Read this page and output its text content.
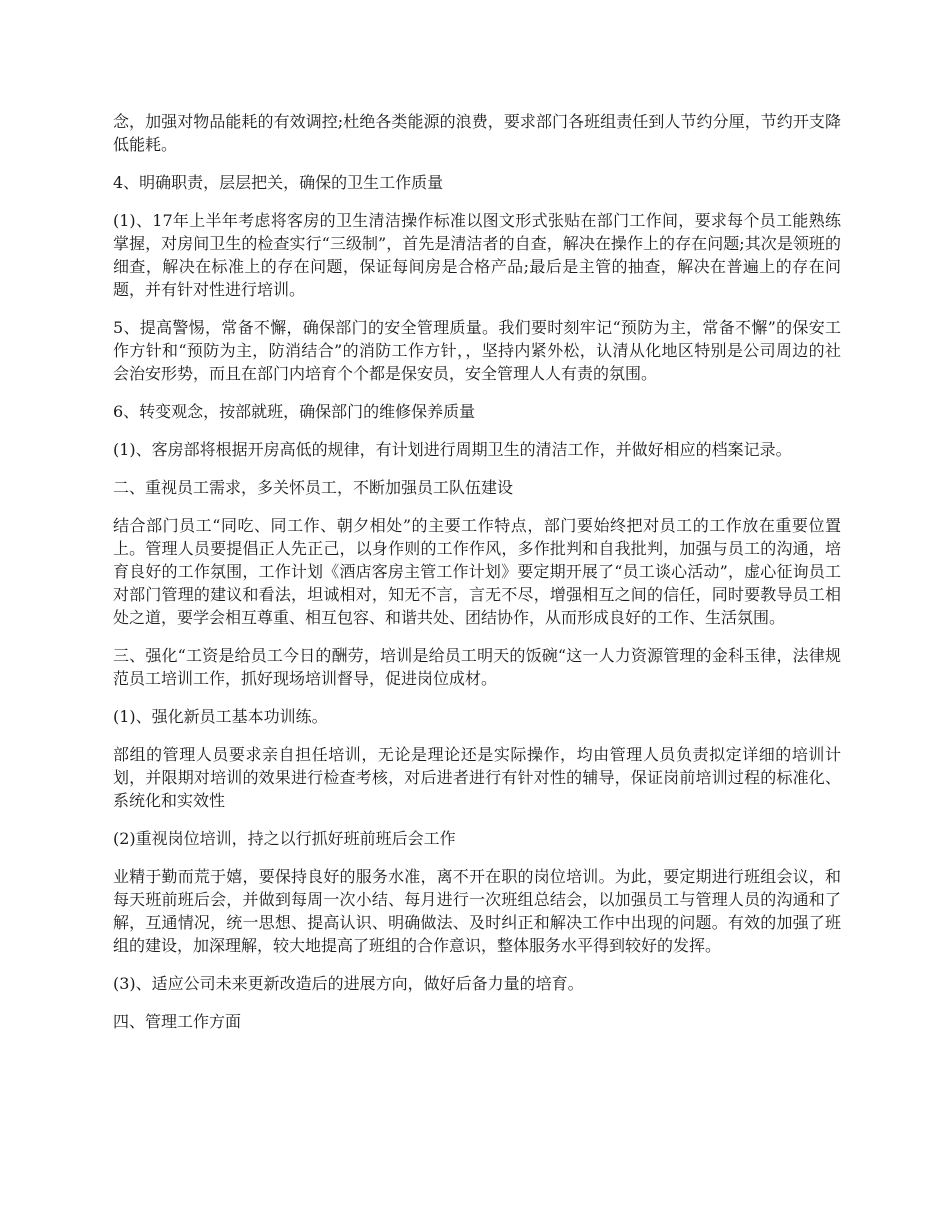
念，加强对物品能耗的有效调控;杜绝各类能源的浪费，要求部门各班组责任到人节约分厘，节约开支降低能耗。

4、明确职责，层层把关，确保的卫生工作质量

(1)、17年上半年考虑将客房的卫生清洁操作标准以图文形式张贴在部门工作间，要求每个员工能熟练掌握，对房间卫生的检查实行“三级制”，首先是清洁者的自查，解决在操作上的存在问题;其次是领班的细查，解决在标准上的存在问题，保证每间房是合格产品;最后是主管的抽查，解决在普遍上的存在问题，并有针对性进行培训。

5、提高警惕，常备不懈，确保部门的安全管理质量。我们要时刻牢记“预防为主，常备不懈”的保安工作方针和“预防为主，防消结合”的消防工作方针，，坚持内紧外松，认清从化地区特别是公司周边的社会治安形势，而且在部门内培育个个都是保安员，安全管理人人有责的氛围。

6、转变观念，按部就班，确保部门的维修保养质量

(1)、客房部将根据开房高低的规律，有计划进行周期卫生的清洁工作，并做好相应的档案记录。

二、重视员工需求，多关怀员工，不断加强员工队伍建设

结合部门员工“同吃、同工作、朝夕相处”的主要工作特点，部门要始终把对员工的工作放在重要位置上。管理人员要提倡正人先正己，以身作则的工作作风，多作批判和自我批判，加强与员工的沟通，培育良好的工作氛围，工作计划《酒店客房主管工作计划》要定期开展了“员工谈心活动”，虚心征询员工对部门管理的建议和看法，坦诚相对，知无不言，言无不尽，增强相互之间的信任，同时要教导员工相处之道，要学会相互尊重、相互包容、和谐共处、团结协作，从而形成良好的工作、生活氛围。

三、强化“工资是给员工今日的酬劳，培训是给员工明天的饭碗“这一人力资源管理的金科玉律，法律规范员工培训工作，抓好现场培训督导，促进岗位成材。

(1)、强化新员工基本功训练。

部组的管理人员要求亲自担任培训，无论是理论还是实际操作，均由管理人员负责拟定详细的培训计划，并限期对培训的效果进行检查考核，对后进者进行有针对性的辅导，保证岗前培训过程的标准化、系统化和实效性

(2)重视岗位培训，持之以行抓好班前班后会工作

业精于勤而荒于嬉，要保持良好的服务水准，离不开在职的岗位培训。为此，要定期进行班组会议，和每天班前班后会，并做到每周一次小结、每月进行一次班组总结会，以加强员工与管理人员的沟通和了解，互通情况，统一思想、提高认识、明确做法、及时纠正和解决工作中出现的问题。有效的加强了班组的建设，加深理解，较大地提高了班组的合作意识，整体服务水平得到较好的发挥。

(3)、适应公司未来更新改造后的进展方向，做好后备力量的培育。

四、管理工作方面
